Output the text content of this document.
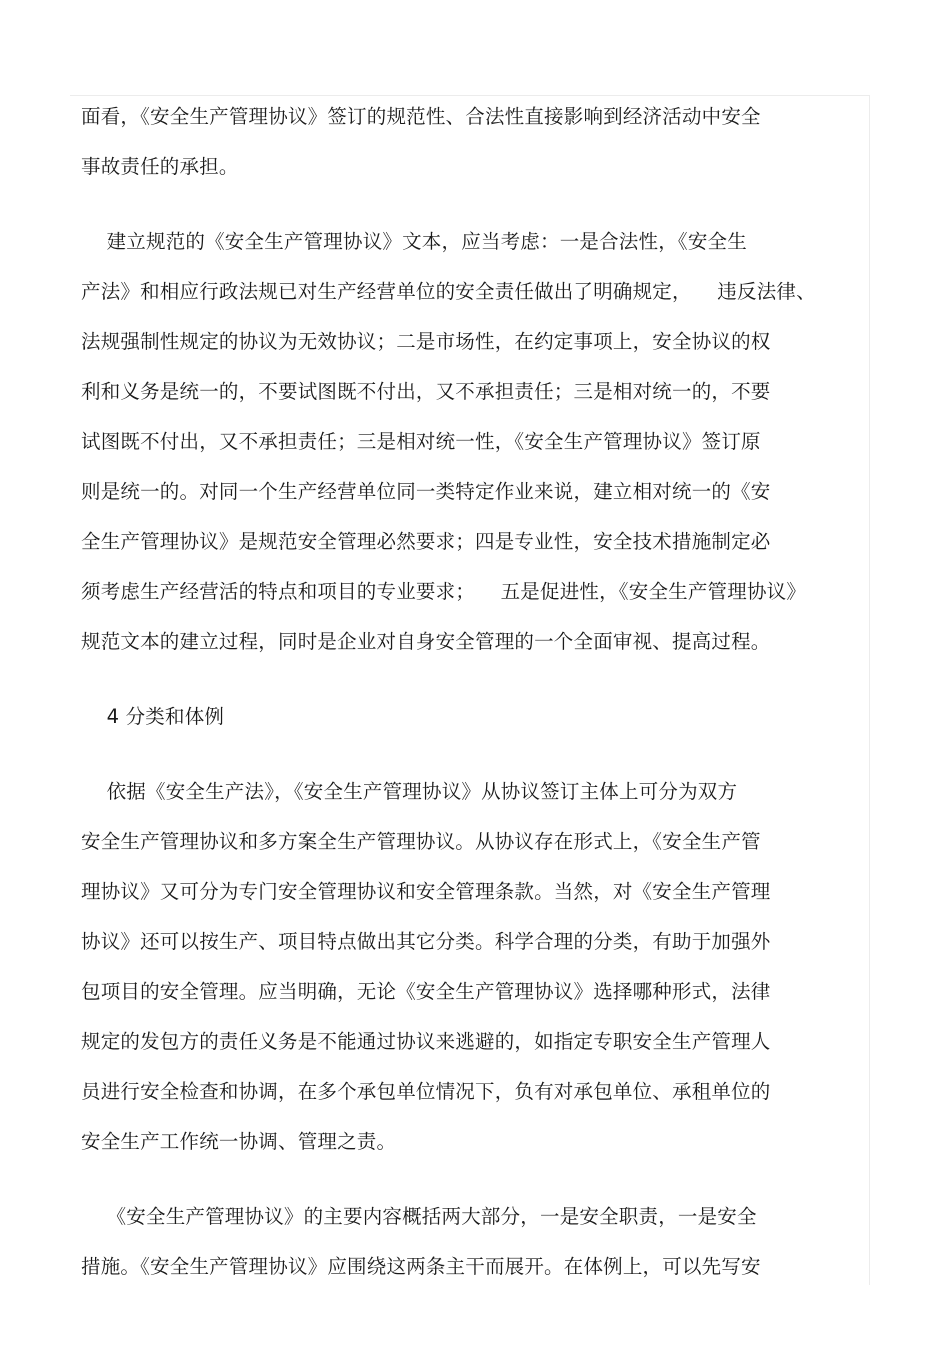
面看，《安全生产管理协议》签订的规范性、合法性直接影响到经济活动中安全
事故责任的承担。
建立规范的《安全生产管理协议》文本，应当考虑：一是合法性，《安全生
产法》和相应行政法规已对生产经营单位的安全责任做出了明确规定，    违反法律、
法规强制性规定的协议为无效协议；二是市场性，在约定事项上，安全协议的权
利和义务是统一的，不要试图既不付出，又不承担责任；三是相对统一的，不要
试图既不付出，又不承担责任；三是相对统一性，《安全生产管理协议》签订原
则是统一的。对同一个生产经营单位同一类特定作业来说，建立相对统一的《安
全生产管理协议》是规范安全管理必然要求；四是专业性，安全技术措施制定必
须考虑生产经营活的特点和项目的专业要求；    五是促进性，《安全生产管理协议》
规范文本的建立过程，同时是企业对自身安全管理的一个全面审视、提高过程。
4 分类和体例
依据《安全生产法》，《安全生产管理协议》从协议签订主体上可分为双方
安全生产管理协议和多方案全生产管理协议。从协议存在形式上，《安全生产管
理协议》又可分为专门安全管理协议和安全管理条款。当然，对《安全生产管理
协议》还可以按生产、项目特点做出其它分类。科学合理的分类，有助于加强外
包项目的安全管理。应当明确，无论《安全生产管理协议》选择哪种形式，法律
规定的发包方的责任义务是不能通过协议来逃避的，如指定专职安全生产管理人
员进行安全检查和协调，在多个承包单位情况下，负有对承包单位、承租单位的
安全生产工作统一协调、管理之责。
《安全生产管理协议》的主要内容概括两大部分，一是安全职责，一是安全
措施。《安全生产管理协议》应围绕这两条主干而展开。在体例上，可以先写安
